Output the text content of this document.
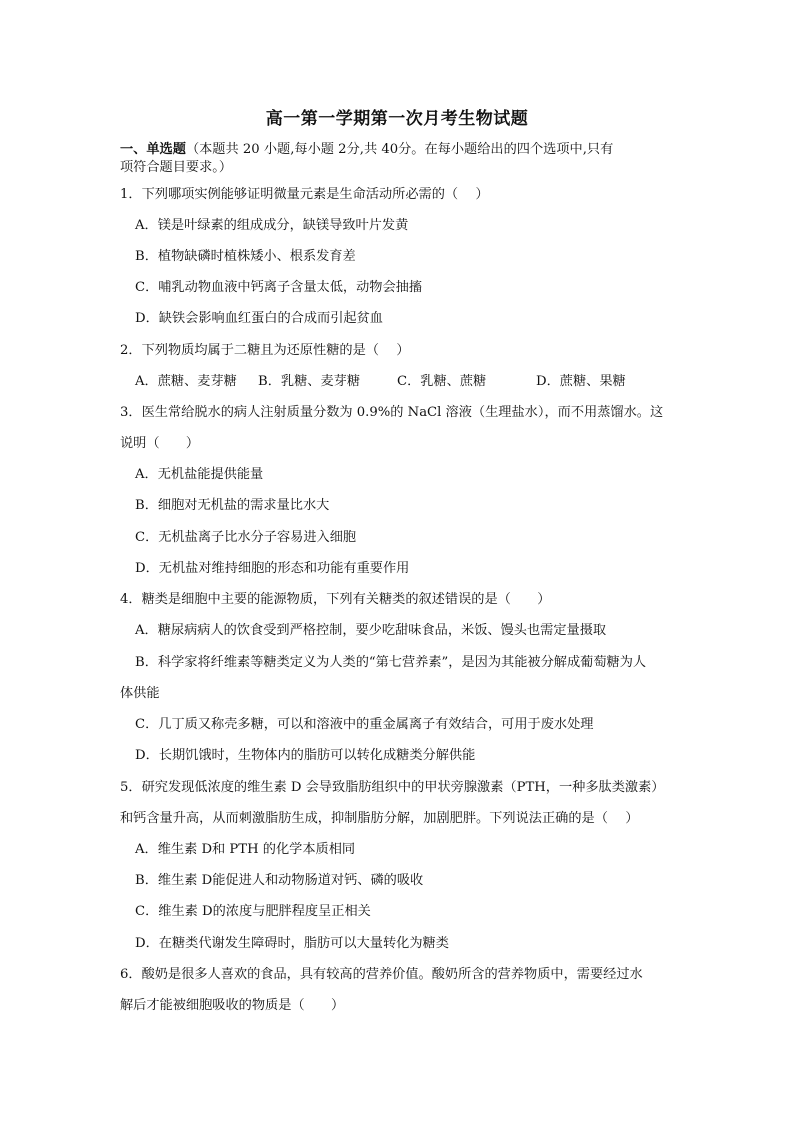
高一第一学期第一次月考生物试题
一、单选题（本题共 20 小题,每小题 2分,共 40分。在每小题给出的四个选项中,只有
项符合题目要求。）
1．下列哪项实例能够证明微量元素是生命活动所必需的（　 ）
A．镁是叶绿素的组成成分，缺镁导致叶片发黄
B．植物缺磷时植株矮小、根系发育差
C．哺乳动物血液中钙离子含量太低，动物会抽搐
D．缺铁会影响血红蛋白的合成而引起贫血
2．下列物质均属于二糖且为还原性糖的是（　 ）
A．蔗糖、麦芽糖 B．乳糖、麦芽糖	C．乳糖、蔗糖	D．蔗糖、果糖
3．医生常给脱水的病人注射质量分数为 0.9%的 NaCl 溶液（生理盐水），而不用蒸馏水。这
说明（　　）
A．无机盐能提供能量
B．细胞对无机盐的需求量比水大
C．无机盐离子比水分子容易进入细胞
D．无机盐对维持细胞的形态和功能有重要作用
4．糖类是细胞中主要的能源物质，下列有关糖类的叙述错误的是（　　）
A．糖尿病病人的饮食受到严格控制，要少吃甜味食品，米饭、馒头也需定量摄取
B．科学家将纤维素等糖类定义为人类的“第七营养素”，是因为其能被分解成葡萄糖为人
体供能
C．几丁质又称壳多糖，可以和溶液中的重金属离子有效结合，可用于废水处理
D．长期饥饿时，生物体内的脂肪可以转化成糖类分解供能
5．研究发现低浓度的维生素 D 会导致脂肪组织中的甲状旁腺激素（PTH，一种多肽类激素）
和钙含量升高，从而刺激脂肪生成，抑制脂肪分解，加剧肥胖。下列说法正确的是（　 ）
A．维生素 D和 PTH 的化学本质相同
B．维生素 D能促进人和动物肠道对钙、磷的吸收
C．维生素 D的浓度与肥胖程度呈正相关
D．在糖类代谢发生障碍时，脂肪可以大量转化为糖类
6．酸奶是很多人喜欢的食品，具有较高的营养价值。酸奶所含的营养物质中，需要经过水
解后才能被细胞吸收的物质是（　　）
